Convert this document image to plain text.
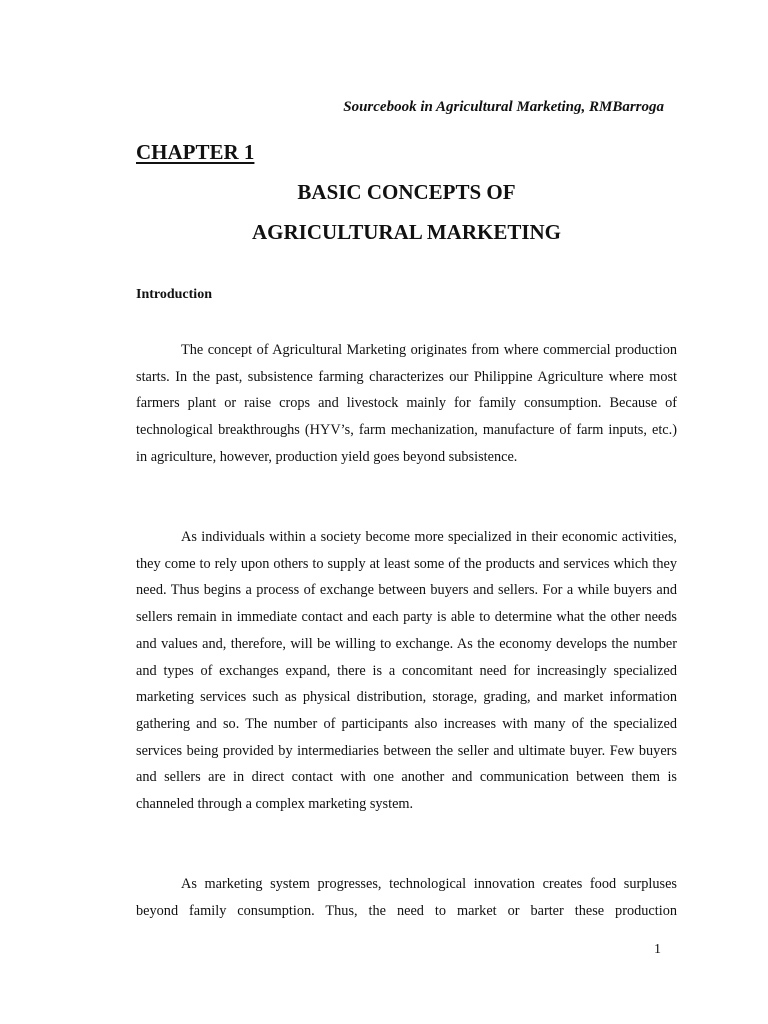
Sourcebook in Agricultural Marketing, RMBarroga
CHAPTER 1
BASIC CONCEPTS OF
AGRICULTURAL MARKETING
Introduction

The concept of Agricultural Marketing originates from where commercial production starts. In the past, subsistence farming characterizes our Philippine Agriculture where most farmers plant or raise crops and livestock mainly for family consumption. Because of technological breakthroughs (HYV’s, farm mechanization, manufacture of farm inputs, etc.) in agriculture, however, production yield goes beyond subsistence.

As individuals within a society become more specialized in their economic activities, they come to rely upon others to supply at least some of the products and services which they need. Thus begins a process of exchange between buyers and sellers. For a while buyers and sellers remain in immediate contact and each party is able to determine what the other needs and values and, therefore, will be willing to exchange. As the economy develops the number and types of exchanges expand, there is a concomitant need for increasingly specialized marketing services such as physical distribution, storage, grading, and market information gathering and so. The number of participants also increases with many of the specialized services being provided by intermediaries between the seller and ultimate buyer. Few buyers and sellers are in direct contact with one another and communication between them is channeled through a complex marketing system.

As marketing system progresses, technological innovation creates food surpluses beyond family consumption. Thus, the need to market or barter these production

1
